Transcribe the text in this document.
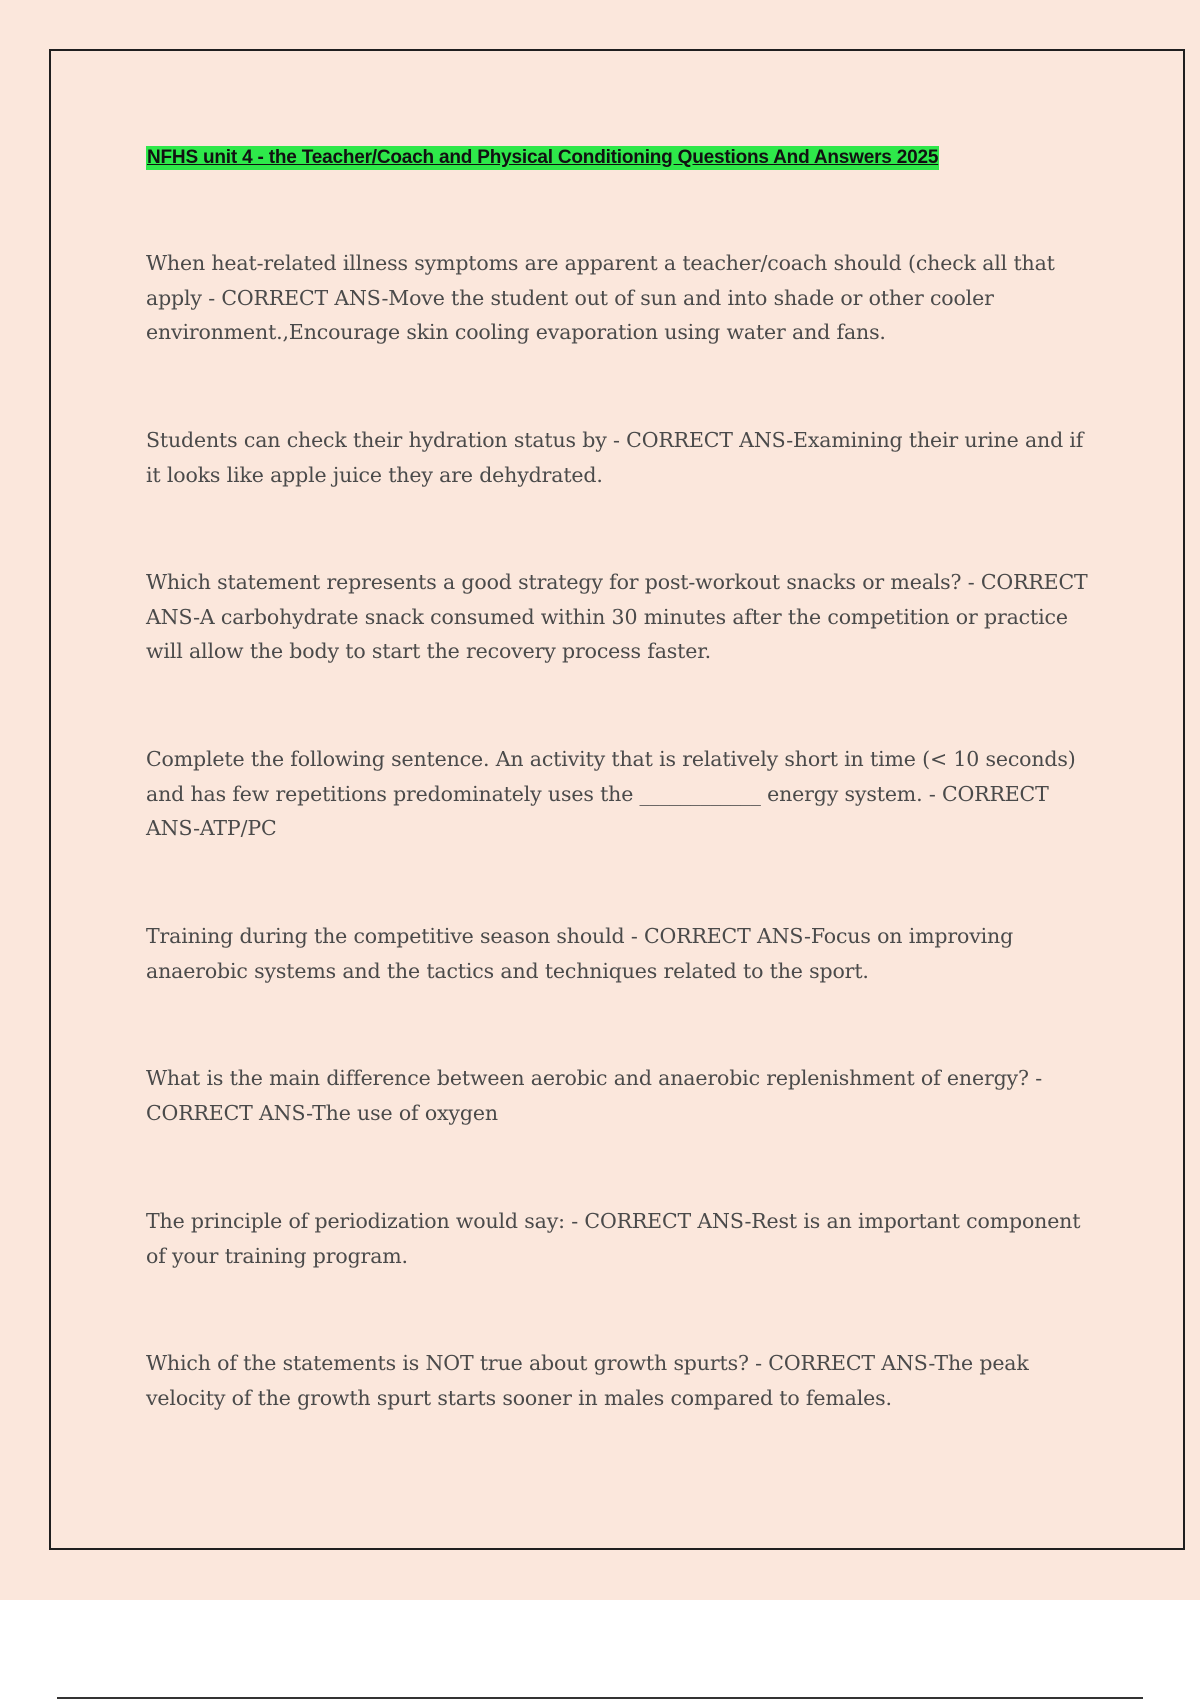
NFHS unit 4 - the Teacher/Coach and Physical Conditioning Questions And Answers 2025

When heat-related illness symptoms are apparent a teacher/coach should (check all that apply - CORRECT ANS-Move the student out of sun and into shade or other cooler environment.,Encourage skin cooling evaporation using water and fans.

Students can check their hydration status by - CORRECT ANS-Examining their urine and if it looks like apple juice they are dehydrated.

Which statement represents a good strategy for post-workout snacks or meals? - CORRECT ANS-A carbohydrate snack consumed within 30 minutes after the competition or practice will allow the body to start the recovery process faster.

Complete the following sentence. An activity that is relatively short in time (< 10 seconds) and has few repetitions predominately uses the ____________ energy system. - CORRECT ANS-ATP/PC

Training during the competitive season should - CORRECT ANS-Focus on improving anaerobic systems and the tactics and techniques related to the sport.

What is the main difference between aerobic and anaerobic replenishment of energy? - CORRECT ANS-The use of oxygen

The principle of periodization would say: - CORRECT ANS-Rest is an important component of your training program.

Which of the statements is NOT true about growth spurts? - CORRECT ANS-The peak velocity of the growth spurt starts sooner in males compared to females.
